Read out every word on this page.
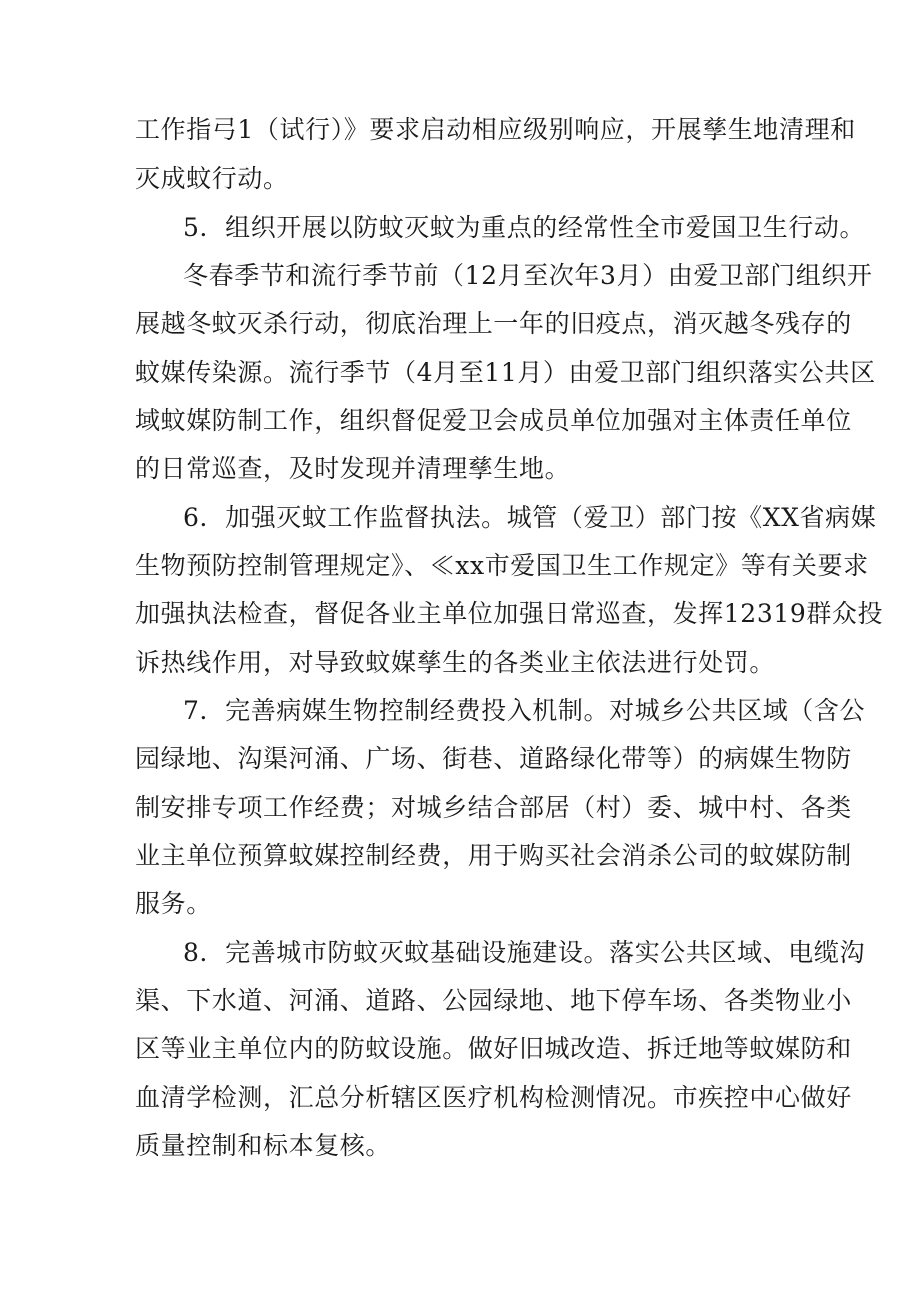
工作指弓1（试行）》要求启动相应级别响应，开展孳生地清理和
灭成蚊行动。
5．组织开展以防蚊灭蚊为重点的经常性全市爱国卫生行动。
冬春季节和流行季节前（12月至次年3月）由爱卫部门组织开
展越冬蚊灭杀行动，彻底治理上一年的旧疫点，消灭越冬残存的
蚊媒传染源。流行季节（4月至11月）由爱卫部门组织落实公共区
域蚊媒防制工作，组织督促爱卫会成员单位加强对主体责任单位
的日常巡查，及时发现并清理孳生地。
6．加强灭蚊工作监督执法。城管（爱卫）部门按《XX省病媒
生物预防控制管理规定》、≪xx市爱国卫生工作规定》等有关要求
加强执法检查，督促各业主单位加强日常巡查，发挥12319群众投
诉热线作用，对导致蚊媒孳生的各类业主依法进行处罚。
7．完善病媒生物控制经费投入机制。对城乡公共区域（含公
园绿地、沟渠河涌、广场、街巷、道路绿化带等）的病媒生物防
制安排专项工作经费；对城乡结合部居（村）委、城中村、各类
业主单位预算蚊媒控制经费，用于购买社会消杀公司的蚊媒防制
服务。
8．完善城市防蚊灭蚊基础设施建设。落实公共区域、电缆沟
渠、下水道、河涌、道路、公园绿地、地下停车场、各类物业小
区等业主单位内的防蚊设施。做好旧城改造、拆迁地等蚊媒防和
血清学检测，汇总分析辖区医疗机构检测情况。市疾控中心做好
质量控制和标本复核。
